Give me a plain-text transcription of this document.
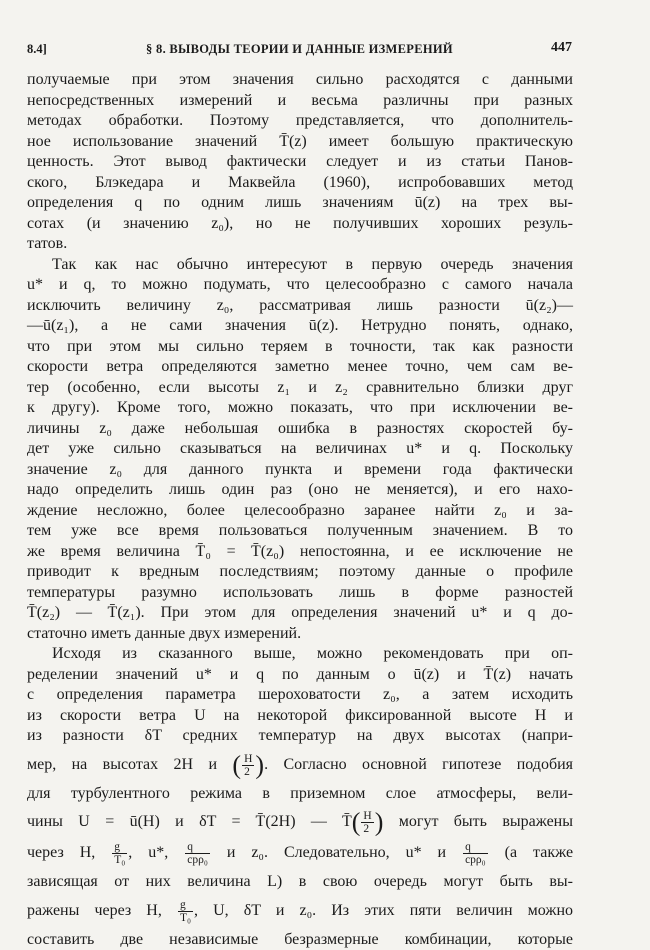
8.4]	§ 8. ВЫВОДЫ ТЕОРИИ И ДАННЫЕ ИЗМЕРЕНИЙ	447

получаемые при этом значения сильно расходятся с данными
непосредственных измерений и весьма различны при разных
методах обработки. Поэтому представляется, что дополнитель-
ное использование значений T̄(z) имеет большую практическую
ценность. Этот вывод фактически следует и из статьи Панов-
ского, Блэкедара и Маквейла (1960), испробовавших метод
определения q по одним лишь значениям ū(z) на трех вы-
сотах (и значению z₀), но не получивших хороших резуль-
татов.

Так как нас обычно интересуют в первую очередь значения
u* и q, то можно подумать, что целесообразно с самого начала
исключить величину z₀, рассматривая лишь разности ū(z₂)—
—ū(z₁), а не сами значения ū(z). Нетрудно понять, однако,
что при этом мы сильно теряем в точности, так как разности
скорости ветра определяются заметно менее точно, чем сам ве-
тер (особенно, если высоты z₁ и z₂ сравнительно близки друг
к другу). Кроме того, можно показать, что при исключении ве-
личины z₀ даже небольшая ошибка в разностях скоростей бу-
дет уже сильно сказываться на величинах u* и q. Поскольку
значение z₀ для данного пункта и времени года фактически
надо определить лишь один раз (оно не меняется), и его нахо-
ждение несложно, более целесообразно заранее найти z₀ и за-
тем уже все время пользоваться полученным значением. В то
же время величина T̄₀ = T̄(z₀) непостоянна, и ее исключение не
приводит к вредным последствиям; поэтому данные о профиле
температуры разумно использовать лишь в форме разностей
T̄(z₂) — T̄(z₁). При этом для определения значений u* и q до-
статочно иметь данные двух измерений.

Исходя из сказанного выше, можно рекомендовать при оп-
ределении значений u* и q по данным о ū(z) и T̄(z) начать
с определения параметра шероховатости z₀, а затем исходить
из скорости ветра U на некоторой фиксированной высоте H и
из разности δT средних температур на двух высотах (напри-
мер, на высотах 2H и ( $\frac{H}{2}$ ). Согласно основной гипотезе подобия
для турбулентного режима в приземном слое атмосферы, вели-
чины U = ū(H) и δT = T̄(2H) — T̄( $\frac{H}{2}$ ) могут быть выражены
через H, $\frac{g}{\text{T₀}}$ , u*, $\frac{q}{\text{cpρ₀}}$ и z₀. Следовательно, u* и $\frac{q}{\text{cpρ₀}} (а$ также
зависящая от них величина L) в свою очередь могут быть вы-
ражены через H, $\frac{g}{\text{T₀}}$ , U, δT и z₀. Из этих пяти величин можно
составить две независимые безразмерные комбинации, которые
